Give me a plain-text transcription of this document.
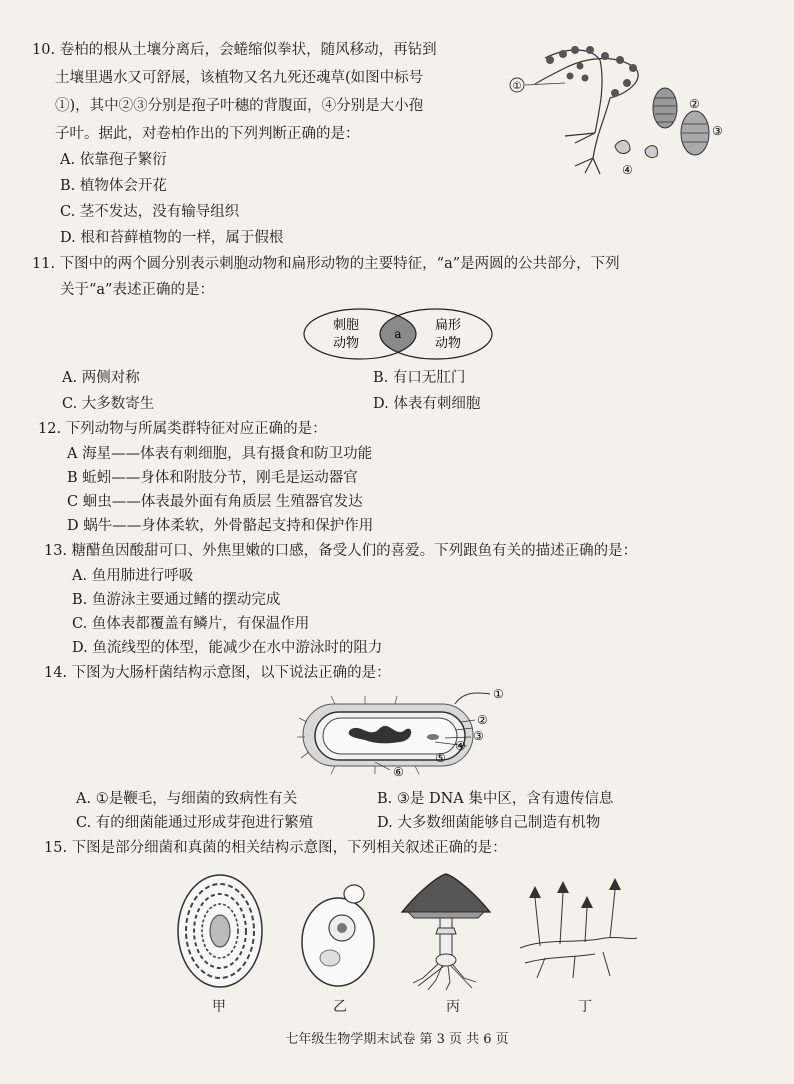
10. 卷柏的根从土壤分离后，会蜷缩似拳状，随风移动，再钻到
土壤里遇水又可舒展，该植物又名九死还魂草(如图中标号
①)，其中②③分别是孢子叶穗的背腹面，④分别是大小孢
子叶。据此，对卷柏作出的下列判断正确的是：
A. 依靠孢子繁衍
B. 植物体会开花
C. 茎不发达，没有输导组织
D. 根和苔藓植物的一样，属于假根
①
②
③
④
11. 下图中的两个圆分别表示刺胞动物和扁形动物的主要特征，“a”是两圆的公共部分，下列
关于“a”表述正确的是：
刺胞
动物
a
扁形
动物
A. 两侧对称	B. 有口无肛门
C. 大多数寄生	D. 体表有刺细胞
12. 下列动物与所属类群特征对应正确的是：
A 海星——体表有刺细胞，具有摄食和防卫功能
B 蚯蚓——身体和附肢分节，刚毛是运动器官
C 蛔虫——体表最外面有角质层 生殖器官发达
D 蜗牛——身体柔软，外骨骼起支持和保护作用
13. 糖醋鱼因酸甜可口、外焦里嫩的口感，备受人们的喜爱。下列跟鱼有关的描述正确的是：
A. 鱼用肺进行呼吸
B. 鱼游泳主要通过鳍的摆动完成
C. 鱼体表都覆盖有鳞片，有保温作用
D. 鱼流线型的体型，能减少在水中游泳时的阻力
14. 下图为大肠杆菌结构示意图，以下说法正确的是：
①
②
③
④
⑤
⑥
A. ①是鞭毛，与细菌的致病性有关	B. ③是 DNA 集中区，含有遗传信息
C. 有的细菌能通过形成芽孢进行繁殖	D. 大多数细菌能够自己制造有机物
15. 下图是部分细菌和真菌的相关结构示意图，下列相关叙述正确的是：
甲	乙	丙	丁
七年级生物学期末试卷 第 3 页 共 6 页
